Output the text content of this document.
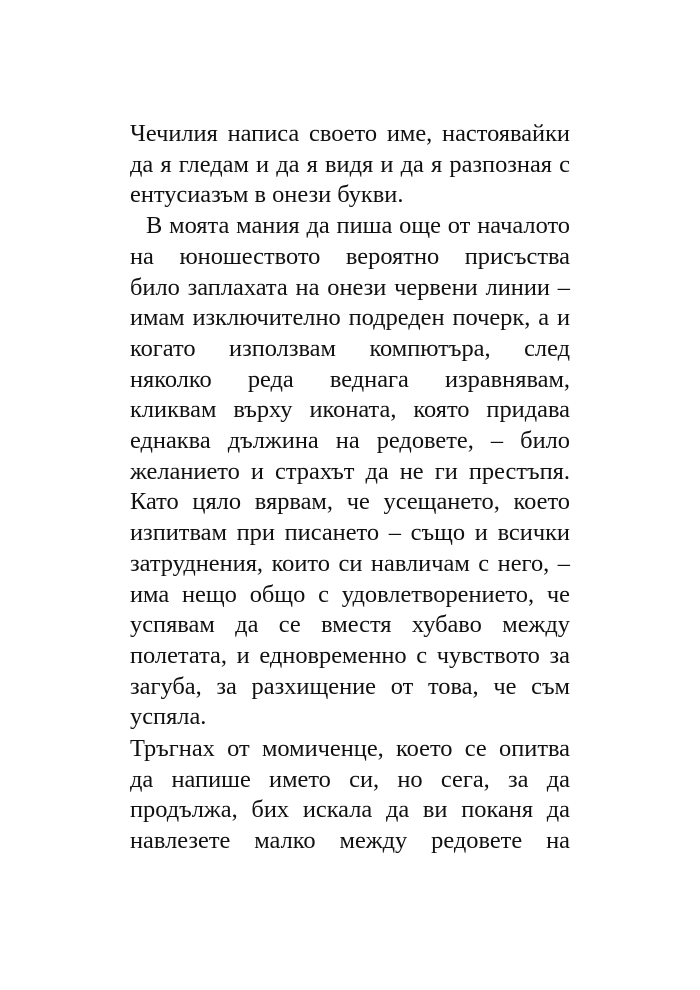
Чечилия написа своето име, настоявайки
да я гледам и да я видя и да я разпозная с
ентусиазъм в онези букви.
В моята мания да пиша още от началото
на юношеството вероятно присъства
било заплахата на онези червени линии –
имам изключително подреден почерк, а и
когато използвам компютъра, след
няколко реда веднага изравнявам,
кликвам върху иконата, която придава
еднаква дължина на редовете, – било
желанието и страхът да не ги престъпя.
Като цяло вярвам, че усещането, което
изпитвам при писането – също и всички
затруднения, които си навличам с него, –
има нещо общо с удовлетворението, че
успявам да се вместя хубаво между
полетата, и едновременно с чувството за
загуба, за разхищение от това, че съм
успяла.
Тръгнах от момиченце, което се опитва
да напише името си, но сега, за да
продължа, бих искала да ви поканя да
навлезете малко между редовете на
